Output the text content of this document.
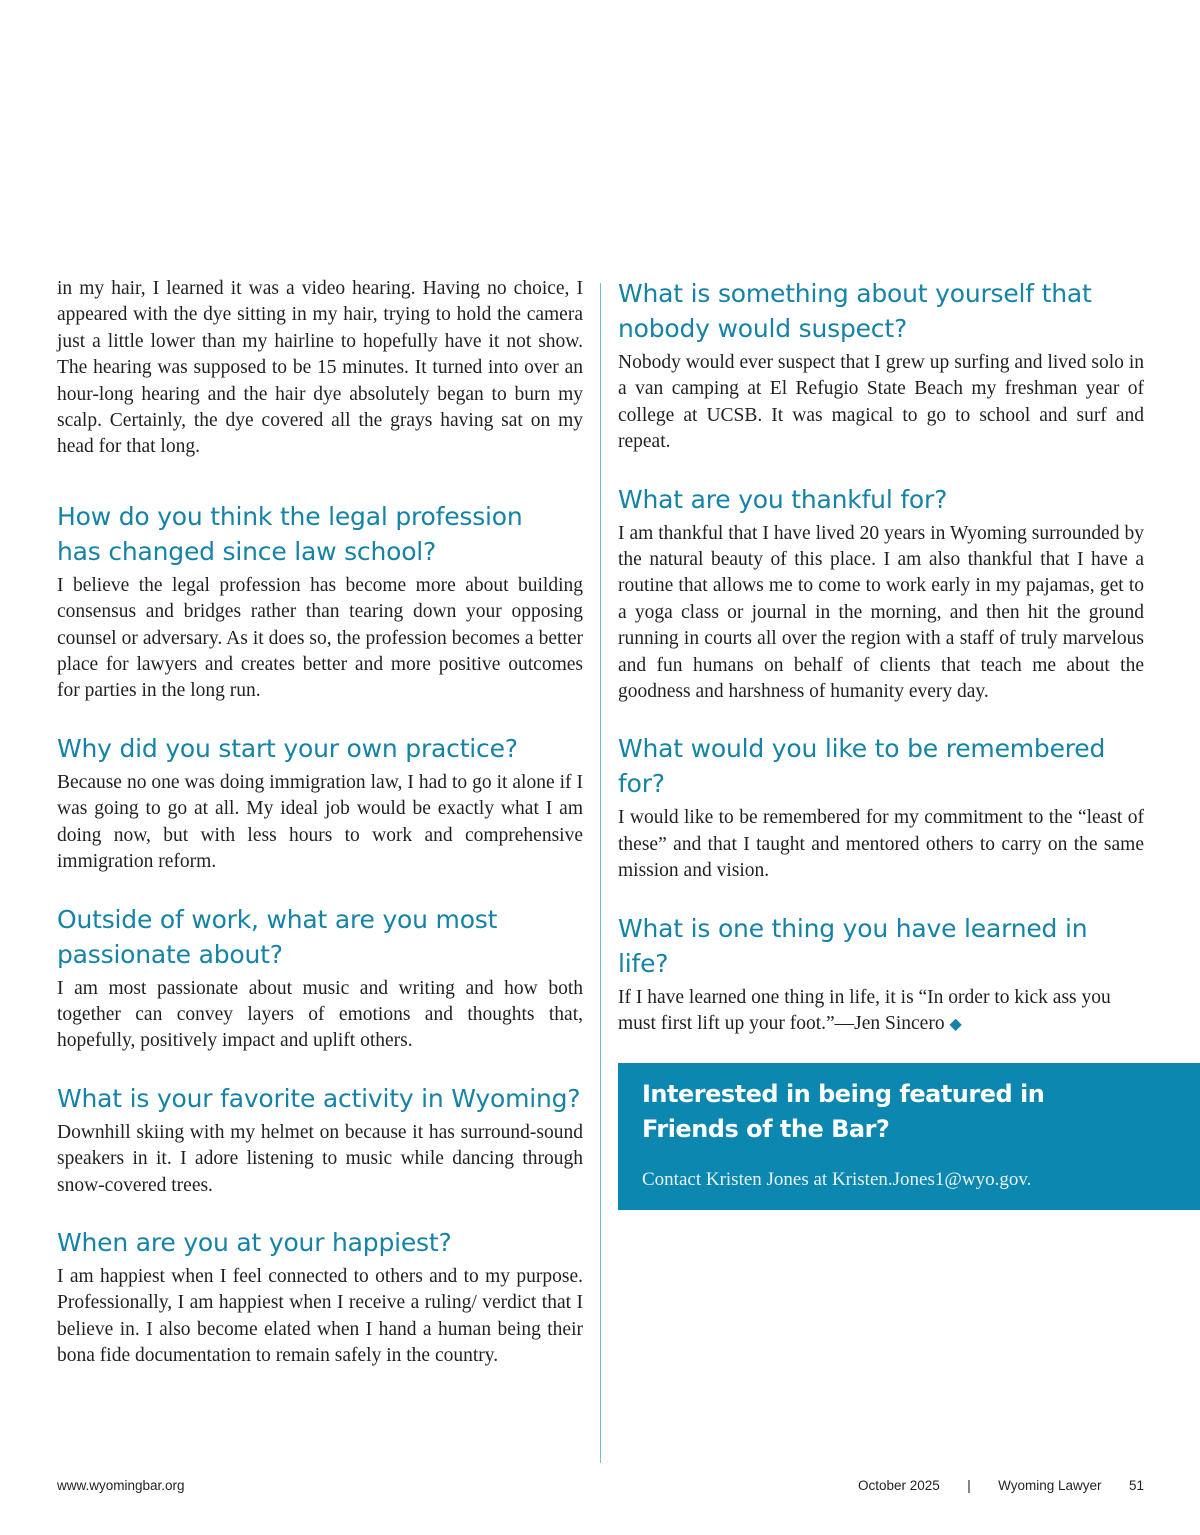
in my hair, I learned it was a video hearing. Having no choice, I appeared with the dye sitting in my hair, trying to hold the camera just a little lower than my hairline to hopefully have it not show. The hearing was supposed to be 15 minutes. It turned into over an hour-long hearing and the hair dye absolutely began to burn my scalp. Certainly, the dye covered all the grays having sat on my head for that long.

How do you think the legal profession has changed since law school?

I believe the legal profession has become more about building consensus and bridges rather than tearing down your opposing counsel or adversary. As it does so, the profession becomes a better place for lawyers and creates better and more positive outcomes for parties in the long run.

Why did you start your own practice?

Because no one was doing immigration law, I had to go it alone if I was going to go at all. My ideal job would be exactly what I am doing now, but with less hours to work and comprehensive immigration reform.

Outside of work, what are you most passionate about?

I am most passionate about music and writing and how both together can convey layers of emotions and thoughts that, hopefully, positively impact and uplift others.

What is your favorite activity in Wyoming?

Downhill skiing with my helmet on because it has surround-sound speakers in it. I adore listening to music while dancing through snow-covered trees.

When are you at your happiest?

I am happiest when I feel connected to others and to my purpose. Professionally, I am happiest when I receive a ruling/ verdict that I believe in. I also become elated when I hand a human being their bona fide documentation to remain safely in the country.

What is something about yourself that nobody would suspect?

Nobody would ever suspect that I grew up surfing and lived solo in a van camping at El Refugio State Beach my freshman year of college at UCSB. It was magical to go to school and surf and repeat.

What are you thankful for?

I am thankful that I have lived 20 years in Wyoming surrounded by the natural beauty of this place. I am also thankful that I have a routine that allows me to come to work early in my pajamas, get to a yoga class or journal in the morning, and then hit the ground running in courts all over the region with a staff of truly marvelous and fun humans on behalf of clients that teach me about the goodness and harshness of humanity every day.

What would you like to be remembered for?

I would like to be remembered for my commitment to the “least of these” and that I taught and mentored others to carry on the same mission and vision.

What is one thing you have learned in life?

If I have learned one thing in life, it is “In order to kick ass you must first lift up your foot.”—Jen Sincero ◆

Interested in being featured in Friends of the Bar?

Contact Kristen Jones at Kristen.Jones1@wyo.gov.

www.wyomingbar.org	October 2025 | Wyoming Lawyer 51
